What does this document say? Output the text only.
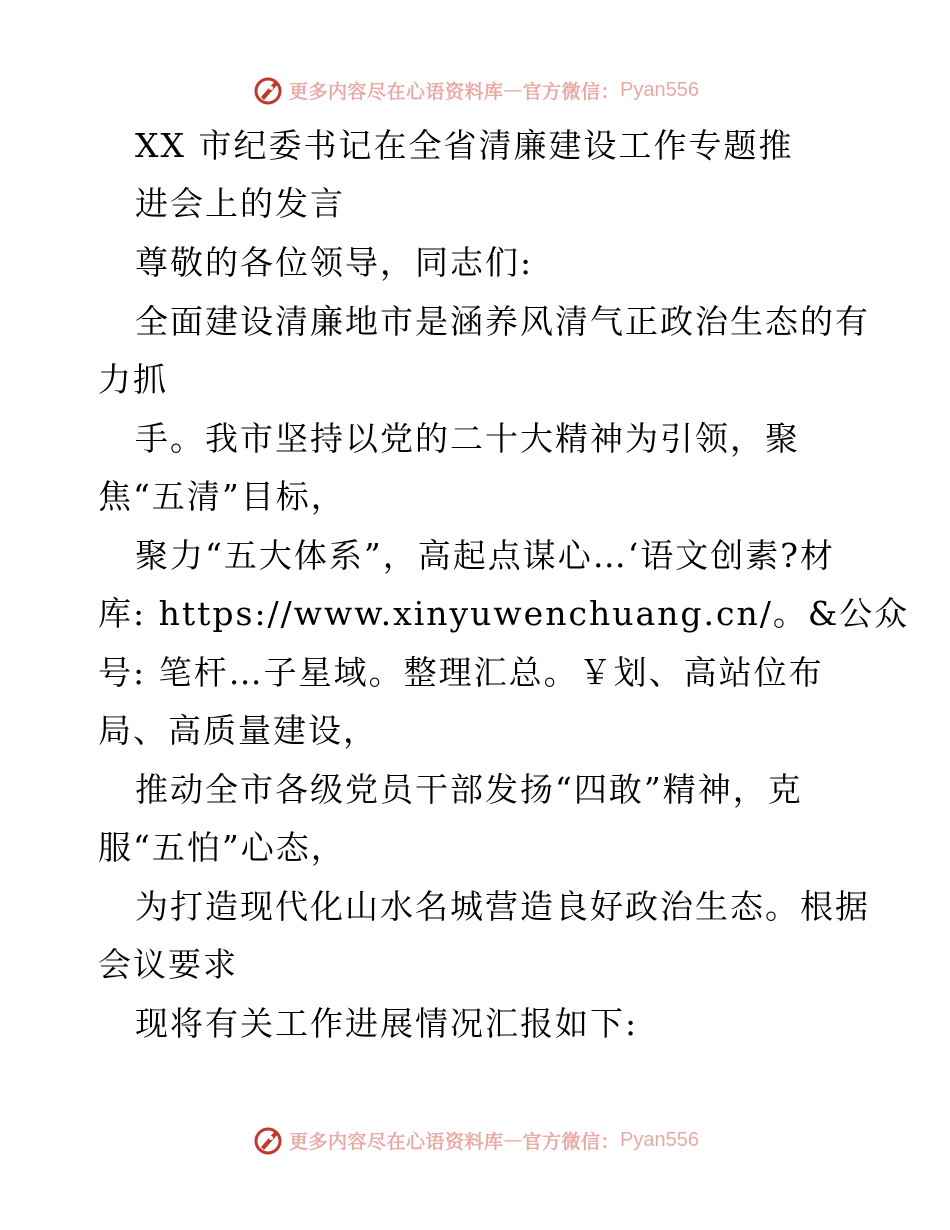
更多内容尽在心语资料库 — 官方微信： Pyan556
XX 市纪委书记在全省清廉建设工作专题推
进会上的发言
尊敬的各位领导，同志们:
全面建设清廉地市是涵养风清气正政治生态的有
力抓
手。我市坚持以党的二十大精神为引领，聚
焦“五清”目标，
聚力“五大体系”，高起点谋心…‘语文创素?材
库: https://www.xinyuwenchuang.cn/。&公众
号: 笔杆…子星域。整理汇总。￥划、高站位布
局、高质量建设，
推动全市各级党员干部发扬“四敢”精神，克
服“五怕”心态，
为打造现代化山水名城营造良好政治生态。根据
会议要求
现将有关工作进展情况汇报如下:
更多内容尽在心语资料库 — 官方微信： Pyan556
